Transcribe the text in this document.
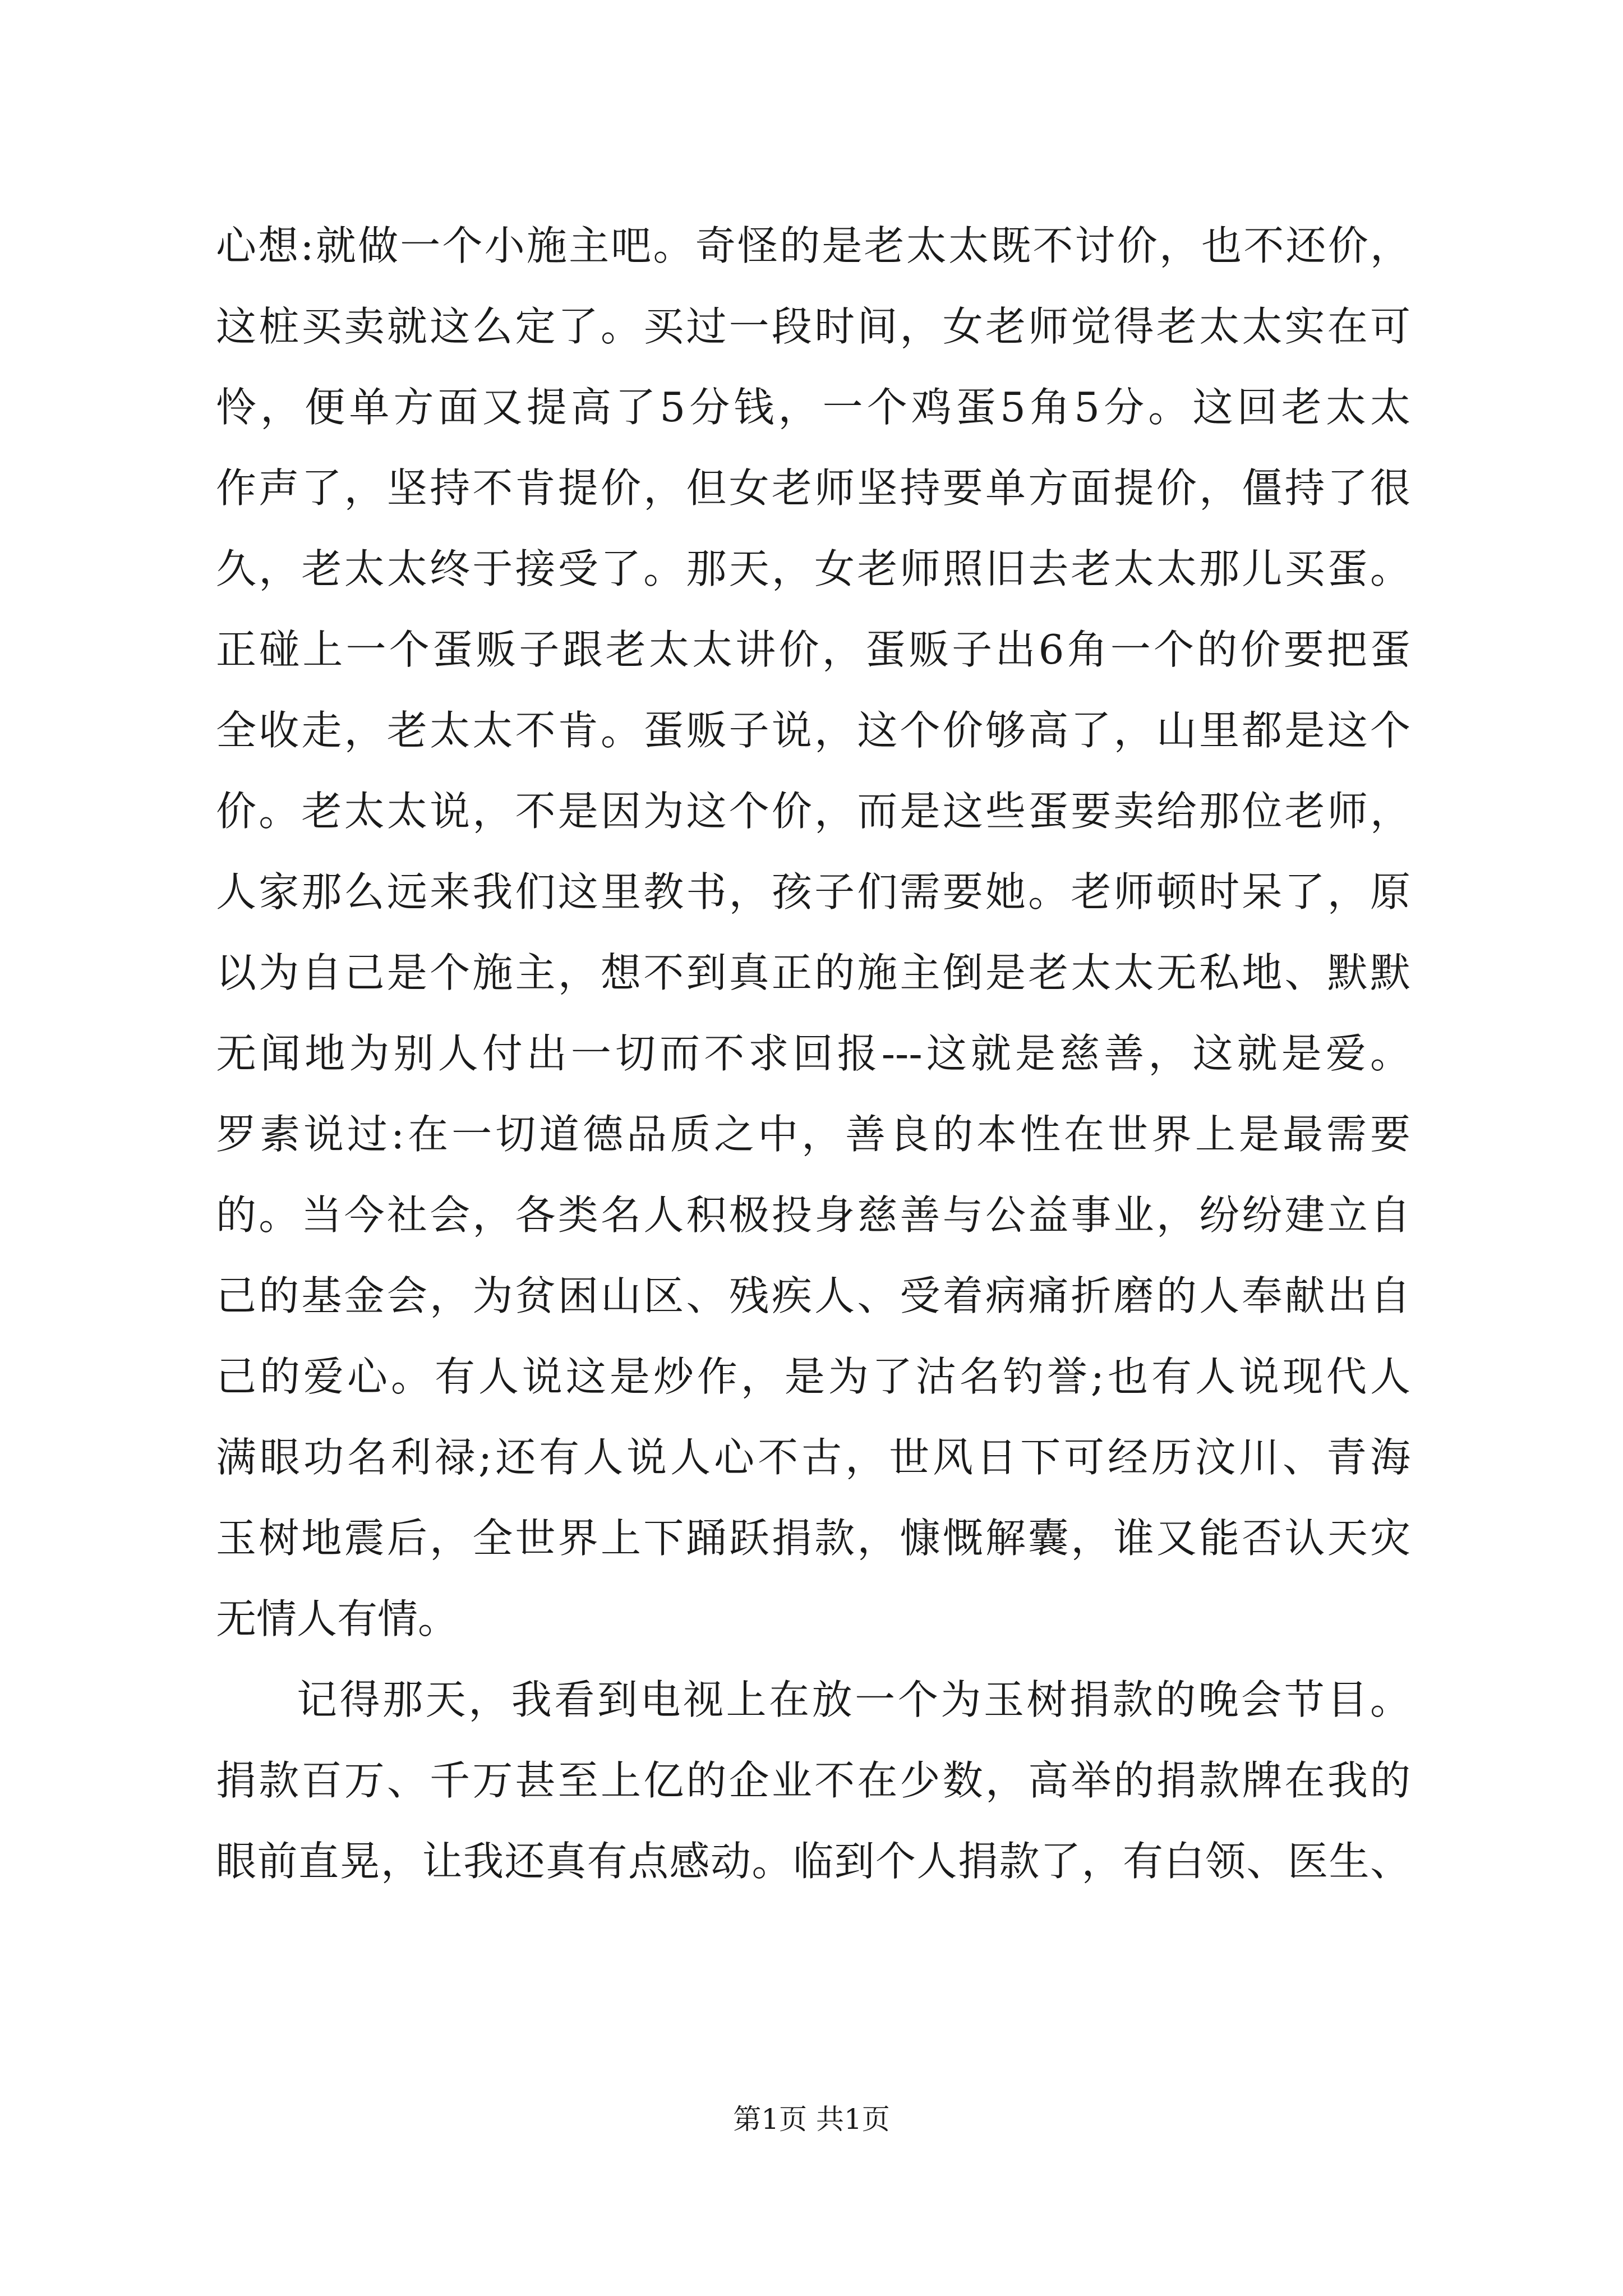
心想:就做一个小施主吧。奇怪的是老太太既不讨价，也不还价，
这桩买卖就这么定了。买过一段时间，女老师觉得老太太实在可
怜，便单方面又提高了5分钱，一个鸡蛋5角5分。这回老太太
作声了，坚持不肯提价，但女老师坚持要单方面提价，僵持了很
久，老太太终于接受了。那天，女老师照旧去老太太那儿买蛋。
正碰上一个蛋贩子跟老太太讲价，蛋贩子出6角一个的价要把蛋
全收走，老太太不肯。蛋贩子说，这个价够高了，山里都是这个
价。老太太说，不是因为这个价，而是这些蛋要卖给那位老师，
人家那么远来我们这里教书，孩子们需要她。老师顿时呆了，原
以为自己是个施主，想不到真正的施主倒是老太太无私地、默默
无闻地为别人付出一切而不求回报---这就是慈善，这就是爱。
罗素说过:在一切道德品质之中，善良的本性在世界上是最需要
的。当今社会，各类名人积极投身慈善与公益事业，纷纷建立自
己的基金会，为贫困山区、残疾人、受着病痛折磨的人奉献出自
己的爱心。有人说这是炒作，是为了沽名钓誉;也有人说现代人
满眼功名利禄;还有人说人心不古，世风日下可经历汶川、青海
玉树地震后，全世界上下踊跃捐款，慷慨解囊，谁又能否认天灾
无情人有情。

记得那天，我看到电视上在放一个为玉树捐款的晚会节目。
捐款百万、千万甚至上亿的企业不在少数，高举的捐款牌在我的
眼前直晃，让我还真有点感动。临到个人捐款了，有白领、医生、

第1页 共1页
